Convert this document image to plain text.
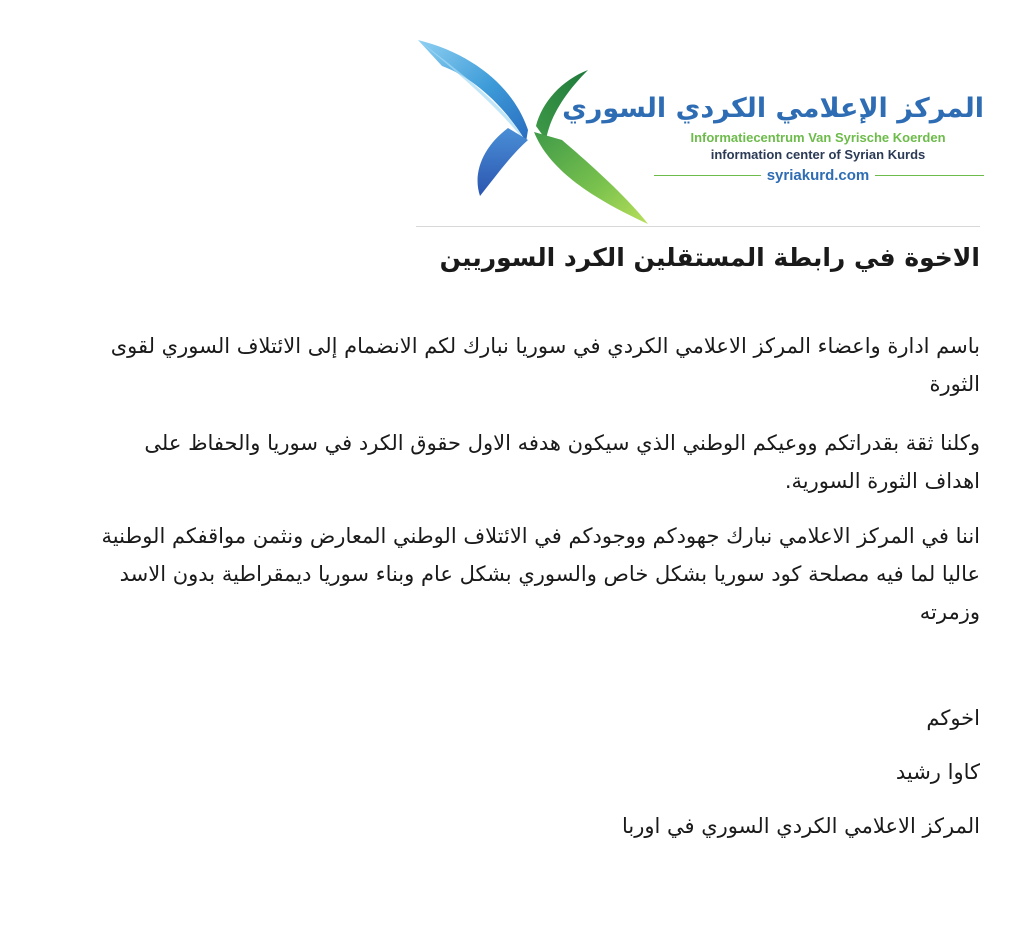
المركز الإعلامي الكردي السوري
Informatiecentrum Van Syrische Koerden
information center of Syrian Kurds
syriakurd.com
الاخوة في رابطة المستقلين الكرد السوريين
باسم ادارة واعضاء المركز الاعلامي الكردي في سوريا نبارك لكم الانضمام إلى الائتلاف السوري لقوى
الثورة
وكلنا ثقة بقدراتكم ووعيكم الوطني الذي سيكون هدفه الاول حقوق الكرد في سوريا والحفاظ على
اهداف الثورة السورية.
اننا في المركز الاعلامي نبارك جهودكم ووجودكم في الائتلاف الوطني المعارض ونثمن مواقفكم الوطنية
عاليا لما فيه مصلحة كود سوريا بشكل خاص والسوري بشكل عام وبناء سوريا ديمقراطية بدون الاسد
وزمرته
اخوكم
كاوا رشيد
المركز الاعلامي الكردي السوري في اوربا
